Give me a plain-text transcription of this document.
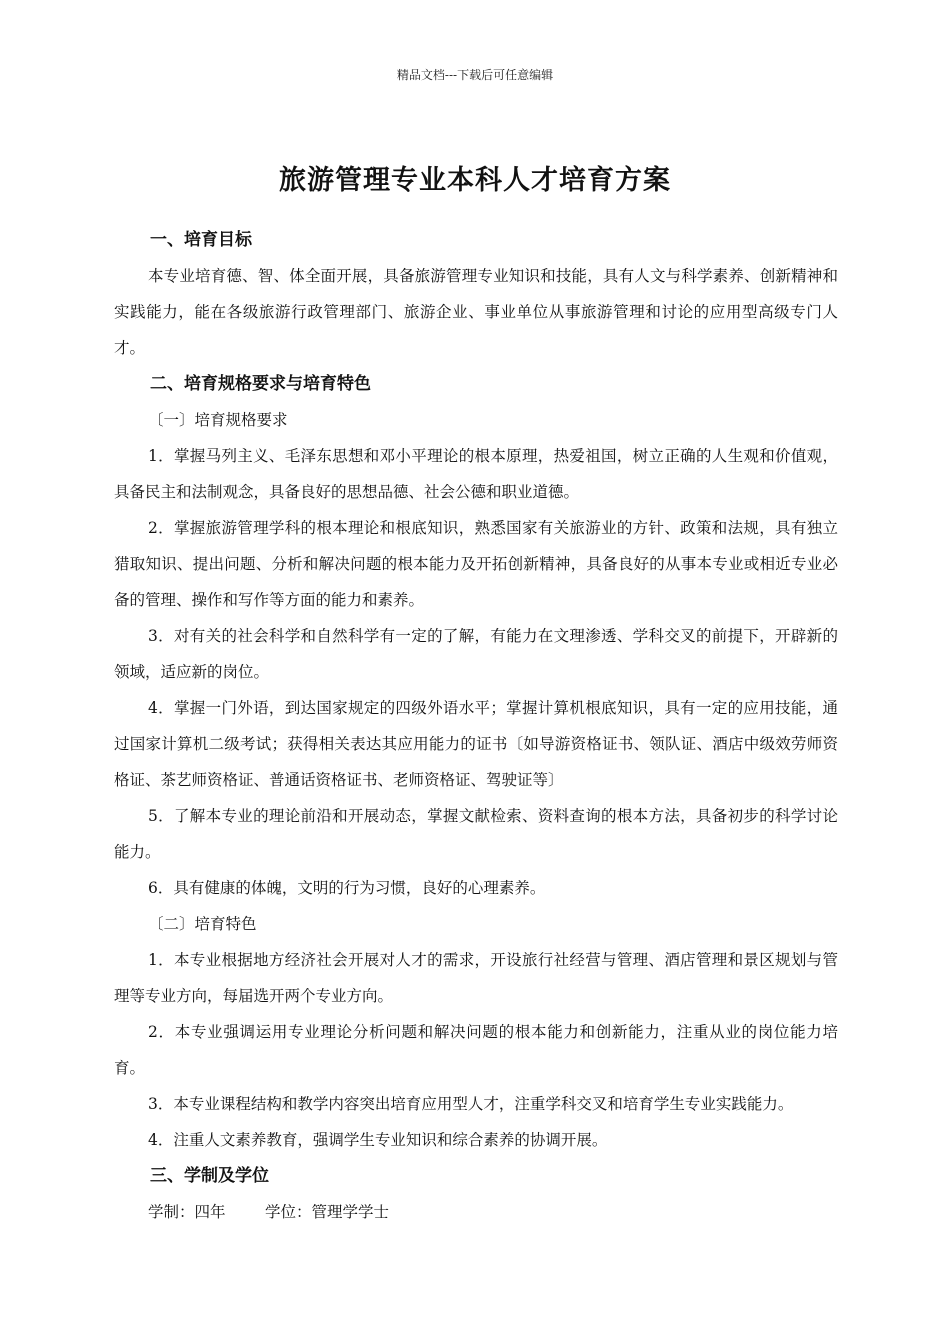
精品文档---下载后可任意编辑
旅游管理专业本科人才培育方案
一、培育目标

本专业培育德、智、体全面开展，具备旅游管理专业知识和技能，具有人文与科学素养、创新精神和实践能力，能在各级旅游行政管理部门、旅游企业、事业单位从事旅游管理和讨论的应用型高级专门人才。

二、培育规格要求与培育特色

〔一〕培育规格要求

1．掌握马列主义、毛泽东思想和邓小平理论的根本原理，热爱祖国，树立正确的人生观和价值观，具备民主和法制观念，具备良好的思想品德、社会公德和职业道德。

2．掌握旅游管理学科的根本理论和根底知识，熟悉国家有关旅游业的方针、政策和法规，具有独立猎取知识、提出问题、分析和解决问题的根本能力及开拓创新精神，具备良好的从事本专业或相近专业必备的管理、操作和写作等方面的能力和素养。

3．对有关的社会科学和自然科学有一定的了解，有能力在文理渗透、学科交叉的前提下，开辟新的领域，适应新的岗位。

4．掌握一门外语，到达国家规定的四级外语水平；掌握计算机根底知识，具有一定的应用技能，通过国家计算机二级考试；获得相关表达其应用能力的证书〔如导游资格证书、领队证、酒店中级效劳师资格证、茶艺师资格证、普通话资格证书、老师资格证、驾驶证等〕

5．了解本专业的理论前沿和开展动态，掌握文献检索、资料查询的根本方法，具备初步的科学讨论能力。

6．具有健康的体魄，文明的行为习惯，良好的心理素养。

〔二〕培育特色

1．本专业根据地方经济社会开展对人才的需求，开设旅行社经营与管理、酒店管理和景区规划与管理等专业方向，每届选开两个专业方向。

2．本专业强调运用专业理论分析问题和解决问题的根本能力和创新能力，注重从业的岗位能力培育。

3．本专业课程结构和教学内容突出培育应用型人才，注重学科交叉和培育学生专业实践能力。

4．注重人文素养教育，强调学生专业知识和综合素养的协调开展。

三、学制及学位
学制：四年	学位：管理学学士
